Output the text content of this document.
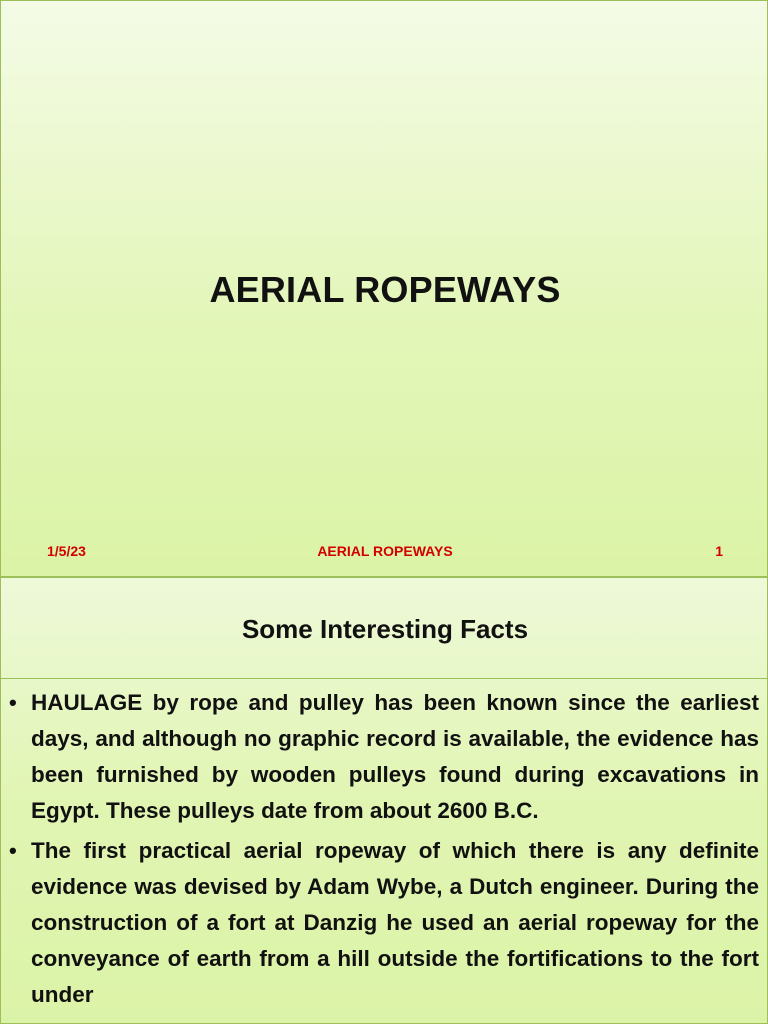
AERIAL ROPEWAYS
1/5/23	AERIAL ROPEWAYS	1
Some Interesting Facts
• HAULAGE by rope and pulley has been known since the earliest days, and although no graphic record is available, the evidence has been furnished by wooden pulleys found during excavations in Egypt. These pulleys date from about 2600 B.C.
• The first practical aerial ropeway of which there is any definite evidence was devised by Adam Wybe, a Dutch engineer. During the construction of a fort at Danzig he used an aerial ropeway for the conveyance of earth from a hill outside the fortifications to the fort under
